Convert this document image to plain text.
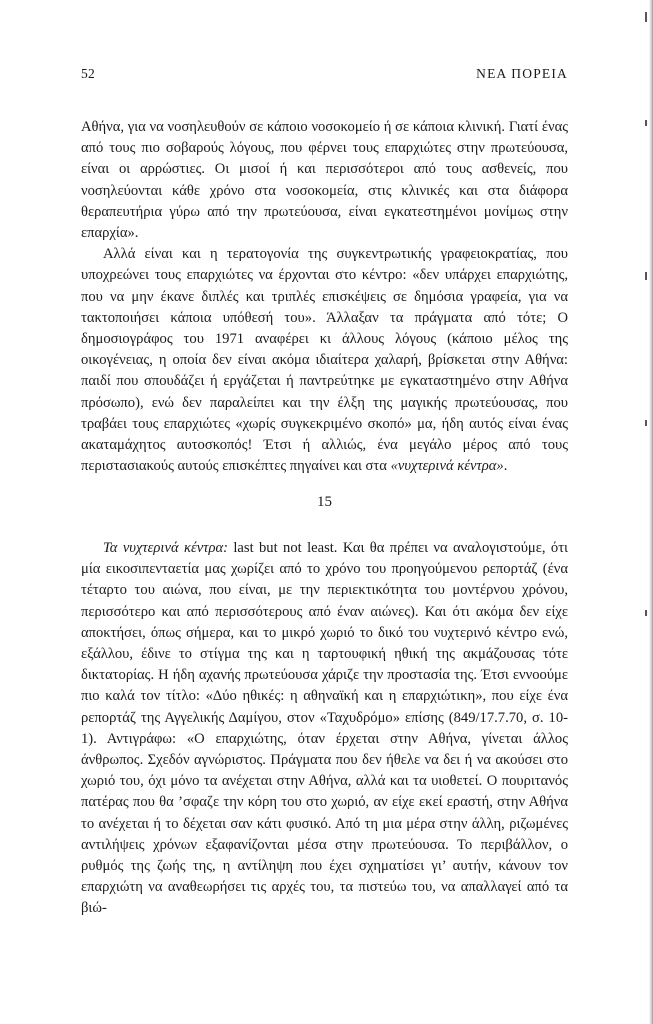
52	ΝΕΑ ΠΟΡΕΙΑ

Αθήνα, για να νοσηλευθούν σε κάποιο νοσοκομείο ή σε κάποια κλινική. Γιατί ένας από τους πιο σοβαρούς λόγους, που φέρνει τους επαρχιώτες στην πρωτεύουσα, είναι οι αρρώστιες. Οι μισοί ή και περισσότεροι από τους ασθενείς, που νοσηλεύονται κάθε χρόνο στα νοσοκομεία, στις κλινικές και στα διάφορα θεραπευτήρια γύρω από την πρωτεύουσα, είναι εγκατεστημένοι μονίμως στην επαρχία».

Αλλά είναι και η τερατογονία της συγκεντρωτικής γραφειοκρατίας, που υποχρεώνει τους επαρχιώτες να έρχονται στο κέντρο: «δεν υπάρχει επαρχιώτης, που να μην έκανε διπλές και τριπλές επισκέψεις σε δημόσια γραφεία, για να τακτοποιήσει κάποια υπόθεσή του». Άλλαξαν τα πράγματα από τότε; Ο δημοσιογράφος του 1971 αναφέρει κι άλλους λόγους (κάποιο μέλος της οικογένειας, η οποία δεν είναι ακόμα ιδιαίτερα χαλαρή, βρίσκεται στην Αθήνα: παιδί που σπουδάζει ή εργάζεται ή παντρεύτηκε με εγκαταστημένο στην Αθήνα πρόσωπο), ενώ δεν παραλείπει και την έλξη της μαγικής πρωτεύουσας, που τραβάει τους επαρχιώτες «χωρίς συγκεκριμένο σκοπό» μα, ήδη αυτός είναι ένας ακαταμάχητος αυτοσκοπός! Έτσι ή αλλιώς, ένα μεγάλο μέρος από τους περιστασιακούς αυτούς επισκέπτες πηγαίνει και στα «νυχτερινά κέντρα».

15

Τα νυχτερινά κέντρα: last but not least. Και θα πρέπει να αναλογιστούμε, ότι μία εικοσιπενταετία μας χωρίζει από το χρόνο του προηγούμενου ρεπορτάζ (ένα τέταρτο του αιώνα, που είναι, με την περιεκτικότητα του μοντέρνου χρόνου, περισσότερο και από περισσότερους από έναν αιώνες). Και ότι ακόμα δεν είχε αποκτήσει, όπως σήμερα, και το μικρό χωριό το δικό του νυχτερινό κέντρο ενώ, εξάλλου, έδινε το στίγμα της και η ταρτουφική ηθική της ακμάζουσας τότε δικτατορίας. Η ήδη αχανής πρωτεύουσα χάριζε την προστασία της. Έτσι εννοούμε πιο καλά τον τίτλο: «Δύο ηθικές: η αθηναϊκή και η επαρχιώτικη», που είχε ένα ρεπορτάζ της Αγγελικής Δαμίγου, στον «Ταχυδρόμο» επίσης (849/17.7.70, σ. 10-1). Αντιγράφω: «Ο επαρχιώτης, όταν έρχεται στην Αθήνα, γίνεται άλλος άνθρωπος. Σχεδόν αγνώριστος. Πράγματα που δεν ήθελε να δει ή να ακούσει στο χωριό του, όχι μόνο τα ανέχεται στην Αθήνα, αλλά και τα υιοθετεί. Ο πουριτανός πατέρας που θα ’σφαζε την κόρη του στο χωριό, αν είχε εκεί εραστή, στην Αθήνα το ανέχεται ή το δέχεται σαν κάτι φυσικό. Από τη μια μέρα στην άλλη, ριζωμένες αντιλήψεις χρόνων εξαφανίζονται μέσα στην πρωτεύουσα. Το περιβάλλον, ο ρυθμός της ζωής της, η αντίληψη που έχει σχηματίσει γι’ αυτήν, κάνουν τον επαρχιώτη να αναθεωρήσει τις αρχές του, τα πιστεύω του, να απαλλαγεί από τα βιώ-
